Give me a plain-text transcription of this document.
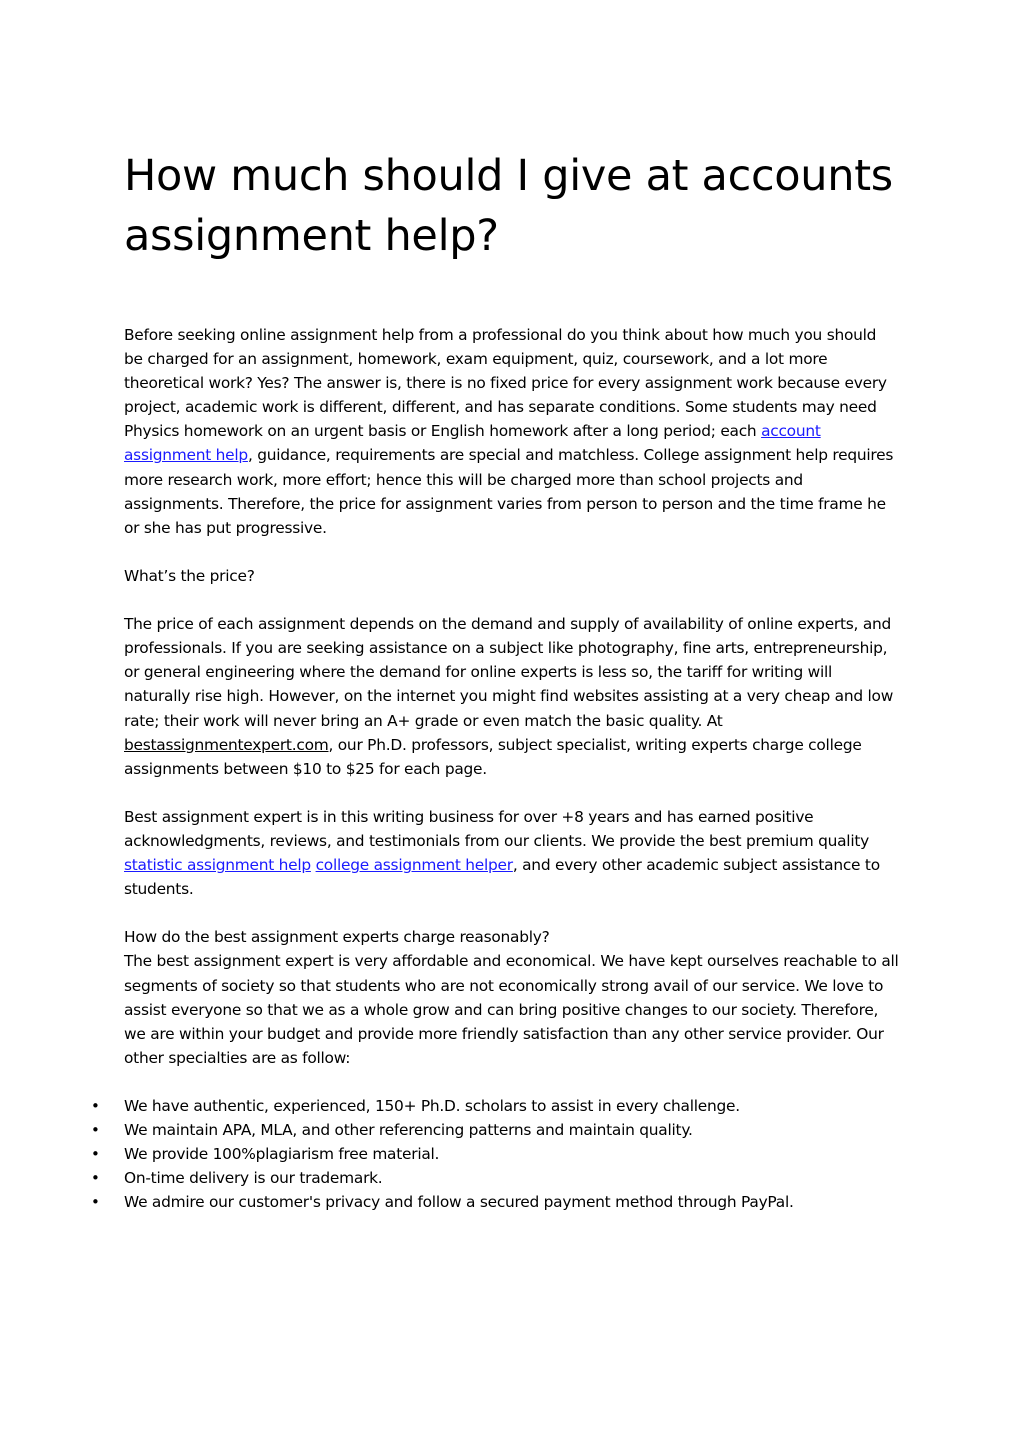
How much should I give at accounts assignment help?

Before seeking online assignment help from a professional do you think about how much you should be charged for an assignment, homework, exam equipment, quiz, coursework, and a lot more theoretical work? Yes? The answer is, there is no fixed price for every assignment work because every project, academic work is different, different, and has separate conditions. Some students may need Physics homework on an urgent basis or English homework after a long period; each account assignment help, guidance, requirements are special and matchless. College assignment help requires more research work, more effort; hence this will be charged more than school projects and assignments. Therefore, the price for assignment varies from person to person and the time frame he or she has put progressive.

What’s the price?

The price of each assignment depends on the demand and supply of availability of online experts, and professionals. If you are seeking assistance on a subject like photography, fine arts, entrepreneurship, or general engineering where the demand for online experts is less so, the tariff for writing will naturally rise high. However, on the internet you might find websites assisting at a very cheap and low rate; their work will never bring an A+ grade or even match the basic quality. At bestassignmentexpert.com, our Ph.D. professors, subject specialist, writing experts charge college assignments between $10 to $25 for each page.

Best assignment expert is in this writing business for over +8 years and has earned positive acknowledgments, reviews, and testimonials from our clients. We provide the best premium quality statistic assignment help college assignment helper, and every other academic subject assistance to students.

How do the best assignment experts charge reasonably?

The best assignment expert is very affordable and economical. We have kept ourselves reachable to all segments of society so that students who are not economically strong avail of our service. We love to assist everyone so that we as a whole grow and can bring positive changes to our society. Therefore, we are within your budget and provide more friendly satisfaction than any other service provider. Our other specialties are as follow:

• We have authentic, experienced, 150+ Ph.D. scholars to assist in every challenge.
• We maintain APA, MLA, and other referencing patterns and maintain quality.
• We provide 100%plagiarism free material.
• On-time delivery is our trademark.
• We admire our customer's privacy and follow a secured payment method through PayPal.
